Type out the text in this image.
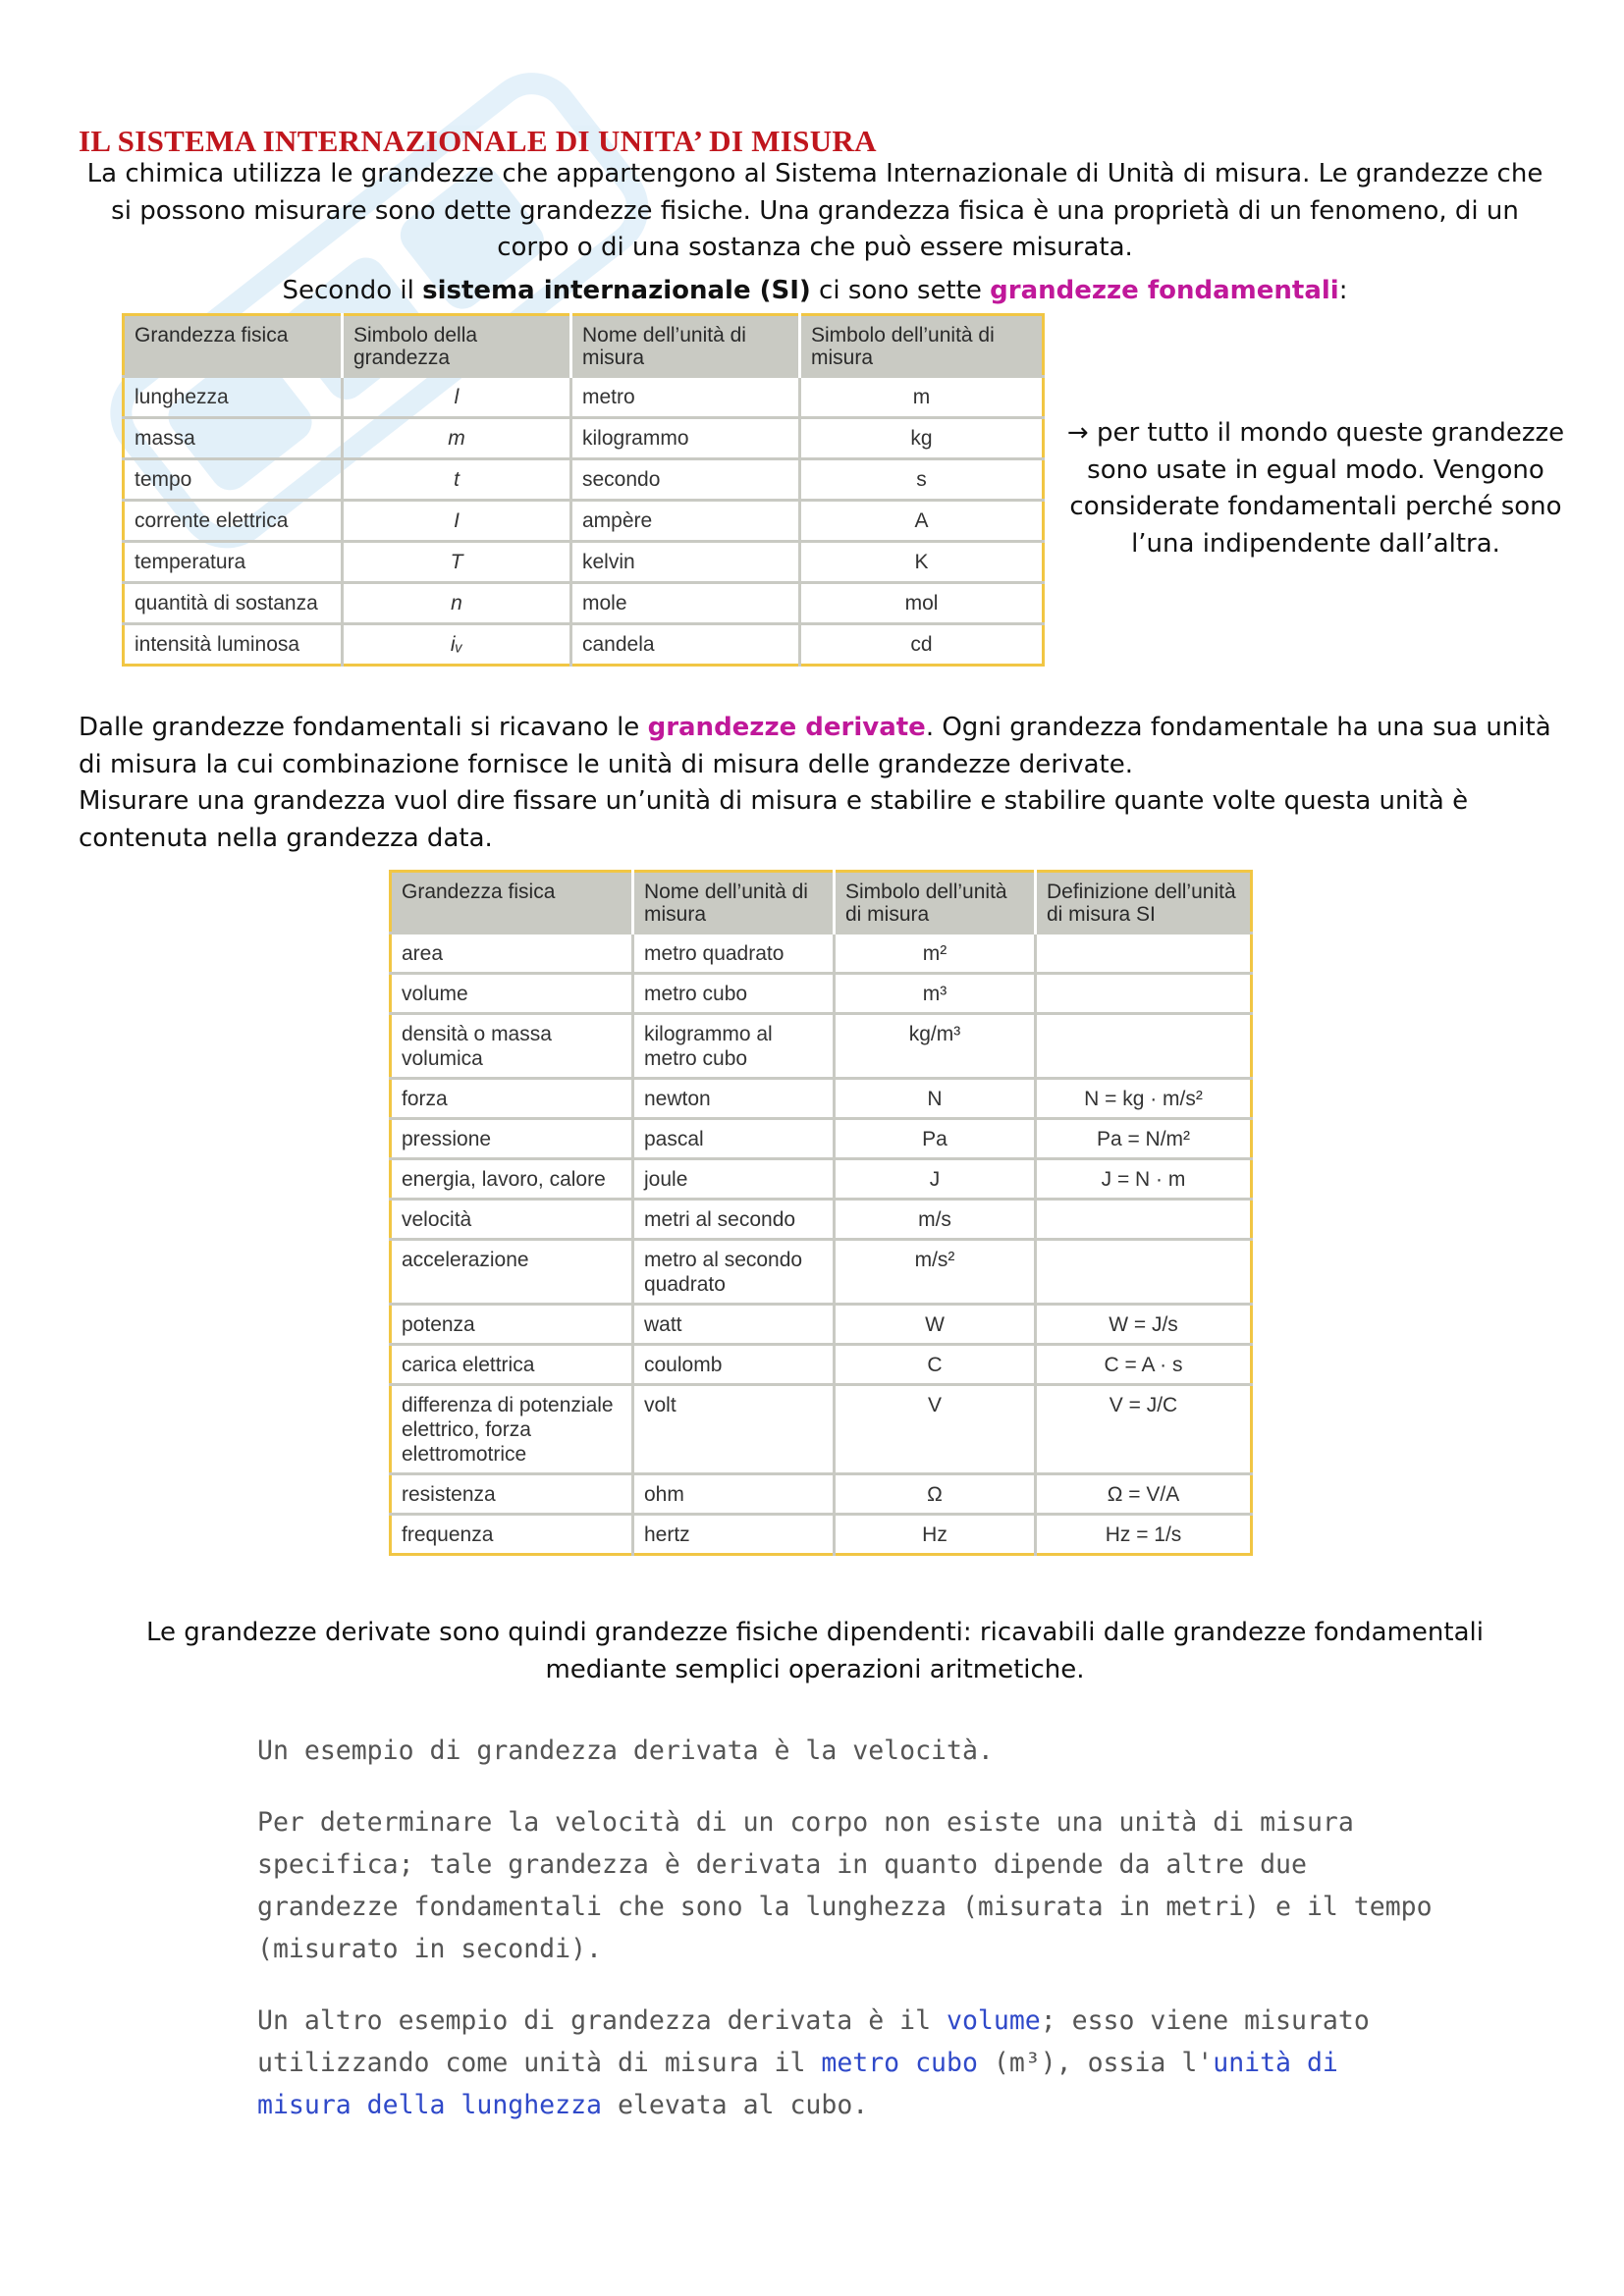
IL SISTEMA INTERNAZIONALE DI UNITA’ DI MISURA
La chimica utilizza le grandezze che appartengono al Sistema Internazionale di Unità di misura. Le grandezze che si possono misurare sono dette grandezze fisiche. Una grandezza fisica è una proprietà di un fenomeno, di un corpo o di una sostanza che può essere misurata.
Secondo il sistema internazionale (SI) ci sono sette grandezze fondamentali:
Grandezza fisica	Simbolo della grandezza	Nome dell’unità di misura	Simbolo dell’unità di misura
lunghezza	l	metro	m
massa	m	kilogrammo	kg
tempo	t	secondo	s
corrente elettrica	I	ampère	A
temperatura	T	kelvin	K
quantità di sostanza	n	mole	mol
intensità luminosa	iᵥ	candela	cd
→ per tutto il mondo queste grandezze sono usate in egual modo. Vengono considerate fondamentali perché sono l’una indipendente dall’altra.
Dalle grandezze fondamentali si ricavano le grandezze derivate. Ogni grandezza fondamentale ha una sua unità di misura la cui combinazione fornisce le unità di misura delle grandezze derivate.
Misurare una grandezza vuol dire fissare un’unità di misura e stabilire e stabilire quante volte questa unità è contenuta nella grandezza data.
Grandezza fisica	Nome dell’unità di misura	Simbolo dell’unità di misura	Definizione dell’unità di misura SI
area	metro quadrato	m²	
volume	metro cubo	m³	
densità o massa volumica	kilogrammo al metro cubo	kg/m³	
forza	newton	N	N = kg · m/s²
pressione	pascal	Pa	Pa = N/m²
energia, lavoro, calore	joule	J	J = N · m
velocità	metri al secondo	m/s	
accelerazione	metro al secondo quadrato	m/s²	
potenza	watt	W	W = J/s
carica elettrica	coulomb	C	C = A · s
differenza di potenziale elettrico, forza elettromotrice	volt	V	V = J/C
resistenza	ohm	Ω	Ω = V/A
frequenza	hertz	Hz	Hz = 1/s
Le grandezze derivate sono quindi grandezze fisiche dipendenti: ricavabili dalle grandezze fondamentali mediante semplici operazioni aritmetiche.

Un esempio di grandezza derivata è la velocità.

Per determinare la velocità di un corpo non esiste una unità di misura specifica; tale grandezza è derivata in quanto dipende da altre due grandezze fondamentali che sono la lunghezza (misurata in metri) e il tempo (misurato in secondi).

Un altro esempio di grandezza derivata è il volume; esso viene misurato utilizzando come unità di misura il metro cubo (m³), ossia l'unità di misura della lunghezza elevata al cubo.
